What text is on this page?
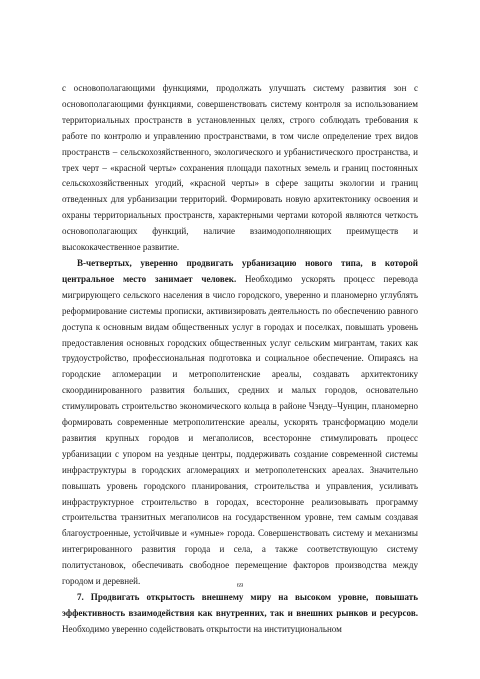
с основополагающими функциями, продолжать улучшать систему развития зон с основополагающими функциями, совершенствовать систему контроля за использованием территориальных пространств в установленных целях, строго соблюдать требования к работе по контролю и управлению пространствами, в том числе определение трех видов пространств – сельскохозяйственного, экологического и урбанистического пространства, и трех черт – «красной черты» сохранения площади пахотных земель и границ постоянных сельскохозяйственных угодий, «красной черты» в сфере защиты экологии и границ отведенных для урбанизации территорий. Формировать новую архитектонику освоения и охраны территориальных пространств, характерными чертами которой являются четкость основополагающих функций, наличие взаимодополняющих преимуществ и высококачественное развитие.

В-четвертых, уверенно продвигать урбанизацию нового типа, в которой центральное место занимает человек. Необходимо ускорять процесс перевода мигрирующего сельского населения в число городского, уверенно и планомерно углублять реформирование системы прописки, активизировать деятельность по обеспечению равного доступа к основным видам общественных услуг в городах и поселках, повышать уровень предоставления основных городских общественных услуг сельским мигрантам, таких как трудоустройство, профессиональная подготовка и социальное обеспечение. Опираясь на городские агломерации и метрополитенские ареалы, создавать архитектонику скоординированного развития больших, средних и малых городов, основательно стимулировать строительство экономического кольца в районе Чэнду–Чунцин, планомерно формировать современные метрополитенские ареалы, ускорять трансформацию модели развития крупных городов и мегаполисов, всесторонне стимулировать процесс урбанизации с упором на уездные центры, поддерживать создание современной системы инфраструктуры в городских агломерациях и метрополетенских ареалах. Значительно повышать уровень городского планирования, строительства и управления, усиливать инфраструктурное строительство в городах, всесторонне реализовывать программу строительства транзитных мегаполисов на государственном уровне, тем самым создавая благоустроенные, устойчивые и «умные» города. Совершенствовать систему и механизмы интегрированного развития города и села, а также соответствующую систему политустановок, обеспечивать свободное перемещение факторов производства между городом и деревней.

7. Продвигать открытость внешнему миру на высоком уровне, повышать эффективность взаимодействия как внутренних, так и внешних рынков и ресурсов. Необходимо уверенно содействовать открытости на институциональном

69
